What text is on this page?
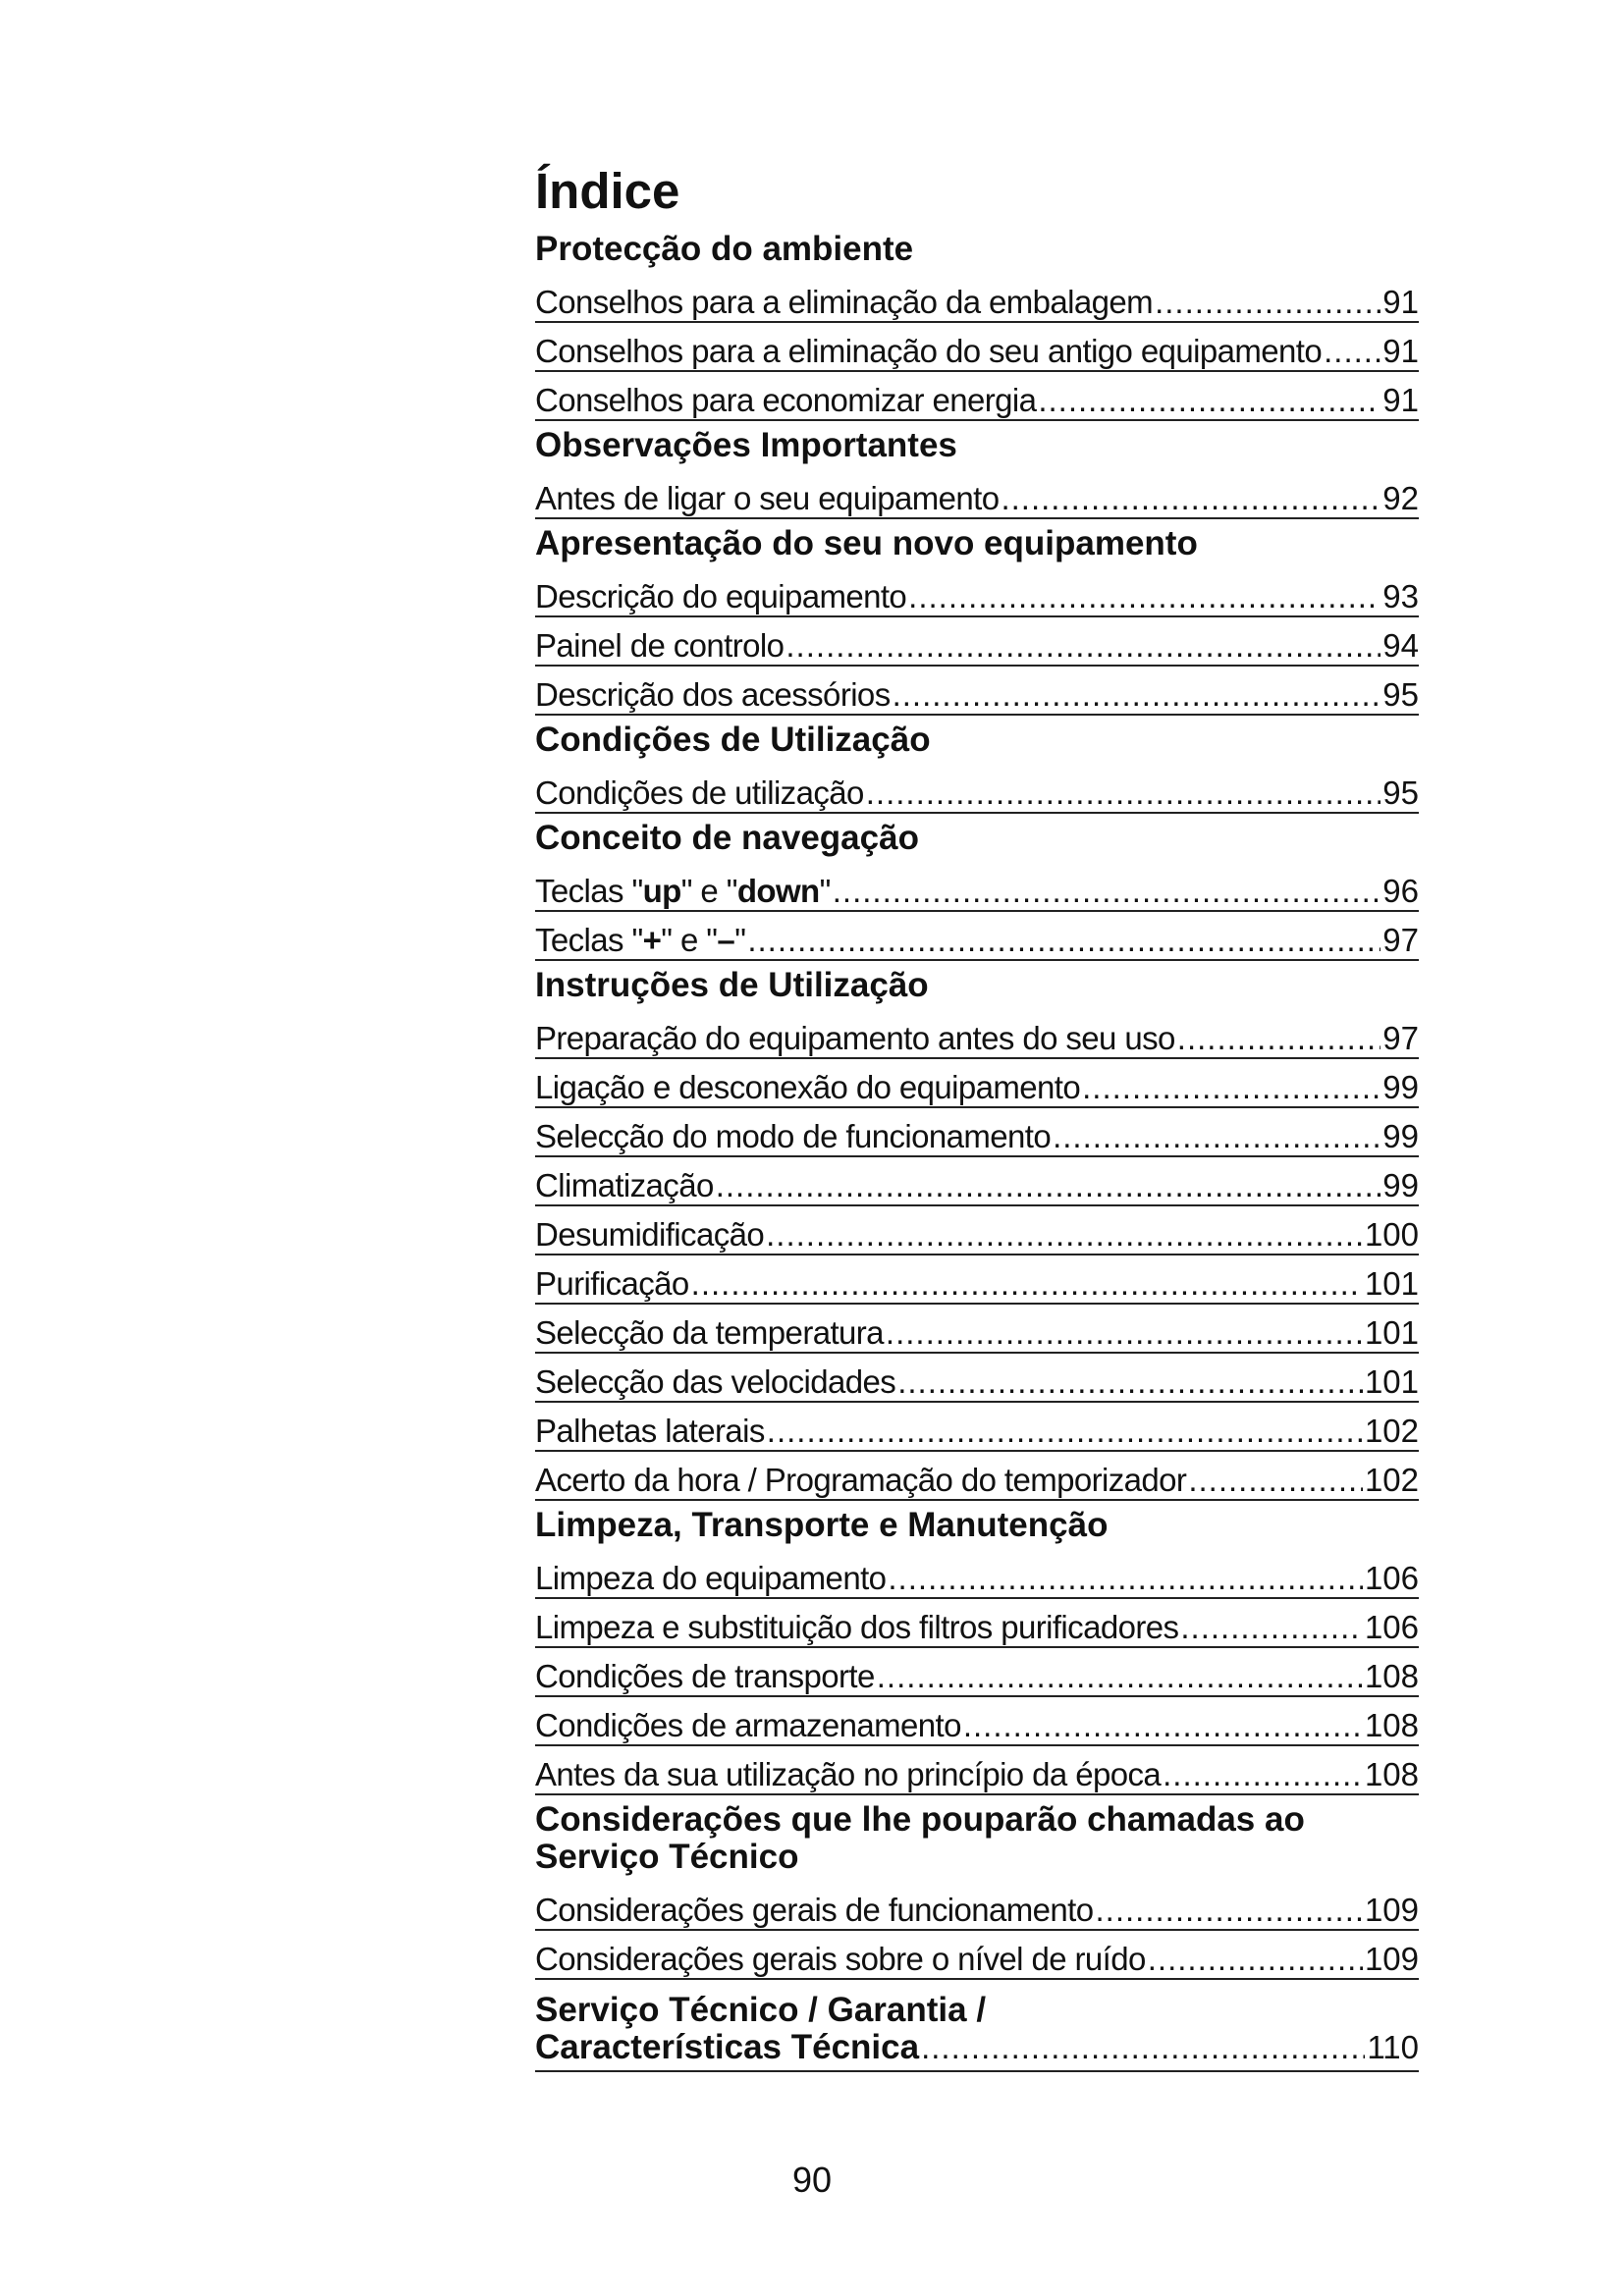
Índice
Protecção do ambiente
Conselhos para a eliminação da embalagem .....	91
Conselhos para a eliminação do seu antigo equipamento ..... 91
Conselhos para economizar energia .....	91
Observações Importantes
Antes de ligar o seu equipamento .....	92
Apresentação do seu novo equipamento
Descrição do equipamento .....	93
Painel de controlo .....	94
Descrição dos acessórios .....	95
Condições de Utilização
Condições de utilização .....	95
Conceito de navegação
Teclas "up" e "down" .....	96
Teclas "+" e "–" .....	97
Instruções de Utilização
Preparação do equipamento antes do seu uso .....	97
Ligação e desconexão do equipamento .....	99
Selecção do modo de funcionamento .....	99
Climatização .....	99
Desumidificação .....	100
Purificação .....	101
Selecção da temperatura .....	101
Selecção das velocidades .....	101
Palhetas laterais .....	102
Acerto da hora / Programação do temporizador .....	102
Limpeza, Transporte e Manutenção
Limpeza do equipamento .....	106
Limpeza e substituição dos filtros purificadores .....	106
Condições de transporte .....	108
Condições de armazenamento .....	108
Antes da sua utilização no princípio da época .....	108
Considerações que lhe pouparão chamadas ao Serviço Técnico
Considerações gerais de funcionamento .....	109
Considerações gerais sobre o nível de ruído .....	109
Serviço Técnico / Garantia /
Características Técnica .....	110
90
